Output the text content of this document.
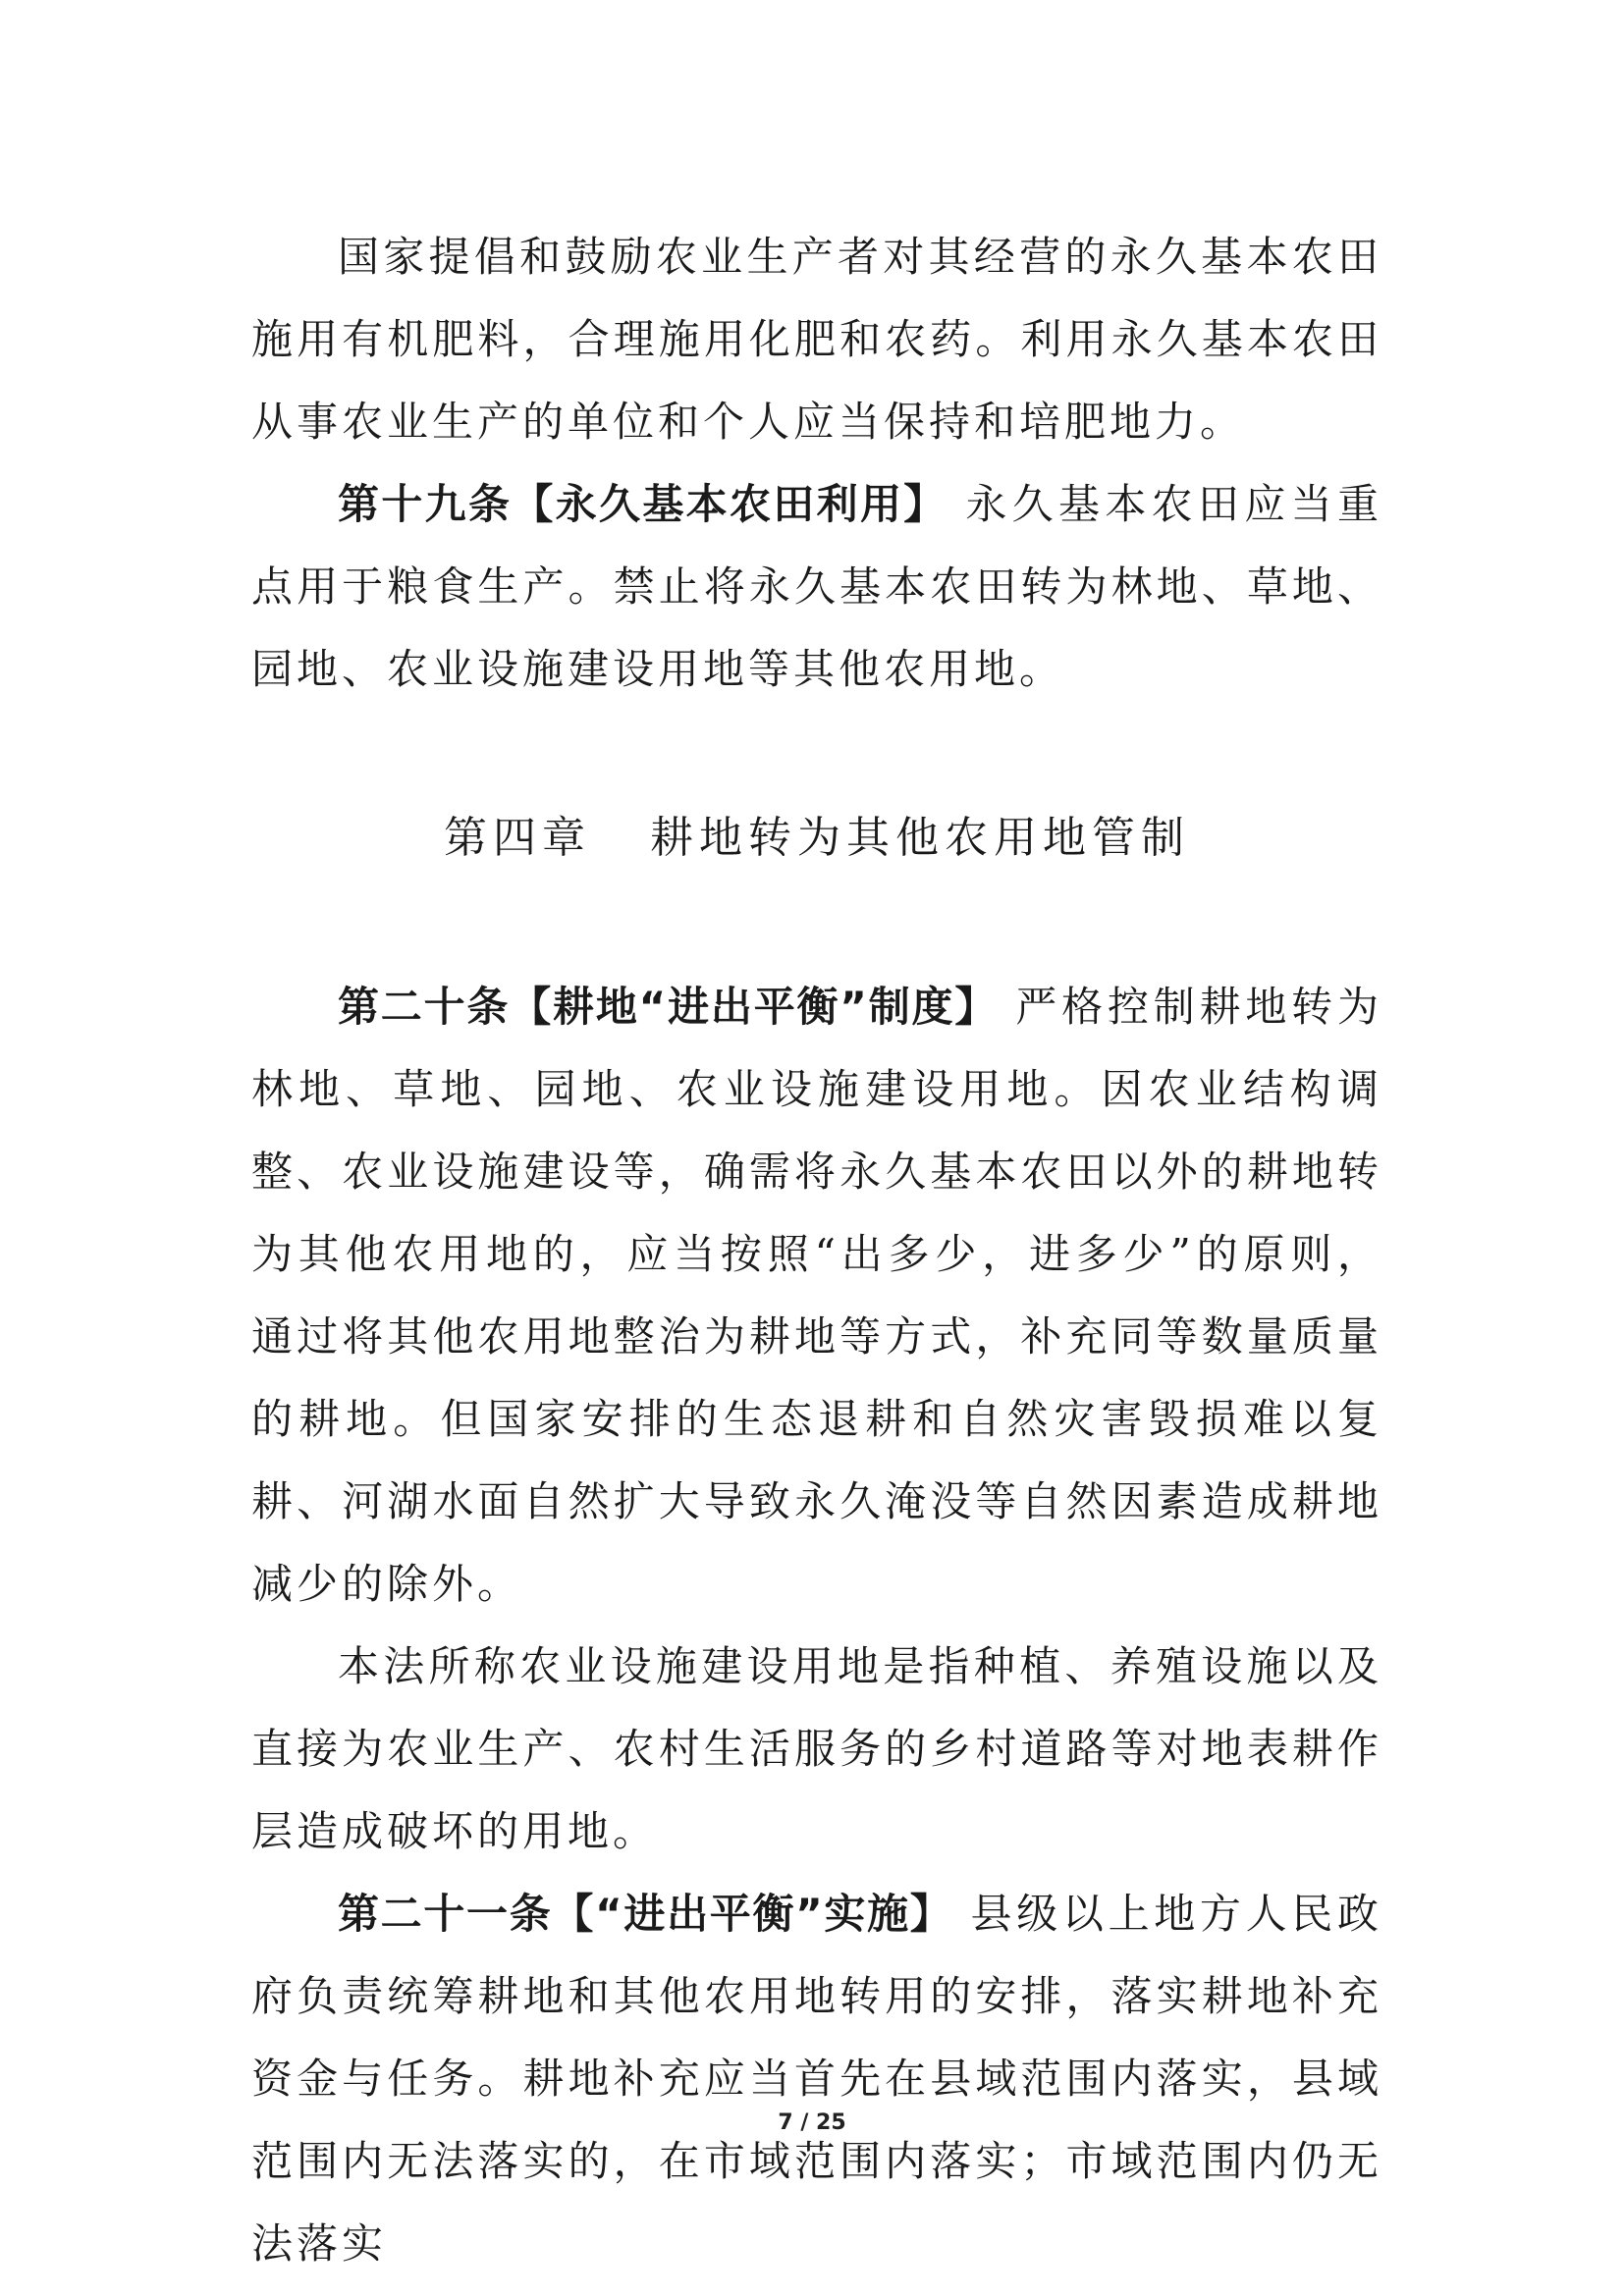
国家提倡和鼓励农业生产者对其经营的永久基本农田施用有机肥料，合理施用化肥和农药。利用永久基本农田从事农业生产的单位和个人应当保持和培肥地力。

第十九条【永久基本农田利用】 永久基本农田应当重点用于粮食生产。禁止将永久基本农田转为林地、草地、园地、农业设施建设用地等其他农用地。

第四章 耕地转为其他农用地管制

第二十条【耕地“进出平衡”制度】 严格控制耕地转为林地、草地、园地、农业设施建设用地。因农业结构调整、农业设施建设等，确需将永久基本农田以外的耕地转为其他农用地的，应当按照“出多少，进多少”的原则，通过将其他农用地整治为耕地等方式，补充同等数量质量的耕地。但国家安排的生态退耕和自然灾害毁损难以复耕、河湖水面自然扩大导致永久淹没等自然因素造成耕地减少的除外。

本法所称农业设施建设用地是指种植、养殖设施以及直接为农业生产、农村生活服务的乡村道路等对地表耕作层造成破坏的用地。

第二十一条【“进出平衡”实施】 县级以上地方人民政府负责统筹耕地和其他农用地转用的安排，落实耕地补充资金与任务。耕地补充应当首先在县域范围内落实，县域范围内无法落实的，在市域范围内落实；市域范围内仍无法落实

7 / 25
